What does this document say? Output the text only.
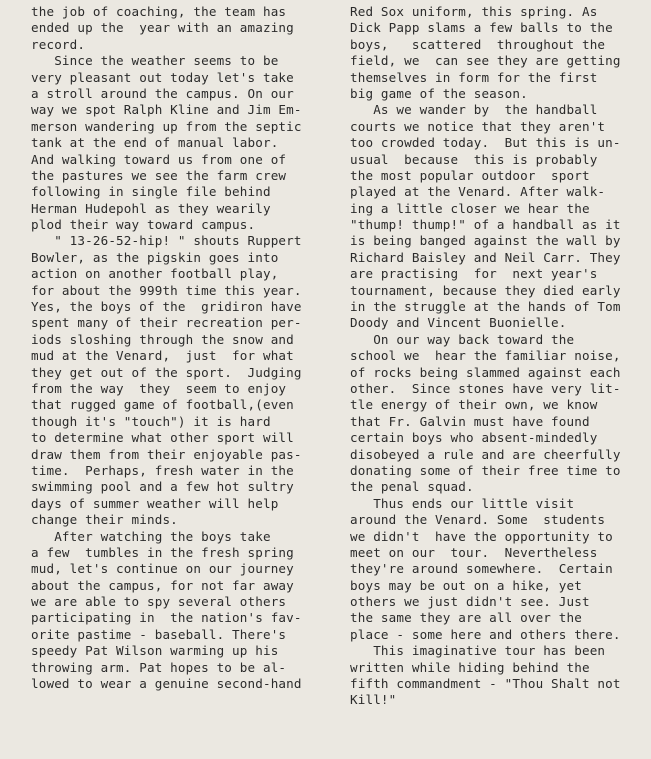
the job of coaching, the team has
ended up the  year with an amazing
record.
Since the weather seems to be
very pleasant out today let's take
a stroll around the campus. On our
way we spot Ralph Kline and Jim Em-
merson wandering up from the septic
tank at the end of manual labor.
And walking toward us from one of
the pastures we see the farm crew
following in single file behind
Herman Hudepohl as they wearily
plod their way toward campus.
" 13-26-52-hip! " shouts Ruppert
Bowler, as the pigskin goes into
action on another football play,
for about the 999th time this year.
Yes, the boys of the  gridiron have
spent many of their recreation per-
iods sloshing through the snow and
mud at the Venard,  just  for what
they get out of the sport.  Judging
from the way  they  seem to enjoy
that rugged game of football,(even
though it's "touch") it is hard
to determine what other sport will
draw them from their enjoyable pas-
time.  Perhaps, fresh water in the
swimming pool and a few hot sultry
days of summer weather will help
change their minds.
After watching the boys take
a few  tumbles in the fresh spring
mud, let's continue on our journey
about the campus, for not far away
we are able to spy several others
participating in  the nation's fav-
orite pastime - baseball. There's
speedy Pat Wilson warming up his
throwing arm. Pat hopes to be al-
lowed to wear a genuine second-hand
Red Sox uniform, this spring. As
Dick Papp slams a few balls to the
boys,   scattered  throughout the
field, we  can see they are getting
themselves in form for the first
big game of the season.
As we wander by  the handball
courts we notice that they aren't
too crowded today.  But this is un-
usual  because  this is probably
the most popular outdoor  sport
played at the Venard. After walk-
ing a little closer we hear the
"thump! thump!" of a handball as it
is being banged against the wall by
Richard Baisley and Neil Carr. They
are practising  for  next year's
tournament, because they died early
in the struggle at the hands of Tom
Doody and Vincent Buonielle.
On our way back toward the
school we  hear the familiar noise,
of rocks being slammed against each
other.  Since stones have very lit-
tle energy of their own, we know
that Fr. Galvin must have found
certain boys who absent-mindedly
disobeyed a rule and are cheerfully
donating some of their free time to
the penal squad.
Thus ends our little visit
around the Venard. Some  students
we didn't  have the opportunity to
meet on our  tour.  Nevertheless
they're around somewhere.  Certain
boys may be out on a hike, yet
others we just didn't see. Just
the same they are all over the
place - some here and others there.
This imaginative tour has been
written while hiding behind the
fifth commandment - "Thou Shalt not
Kill!"
